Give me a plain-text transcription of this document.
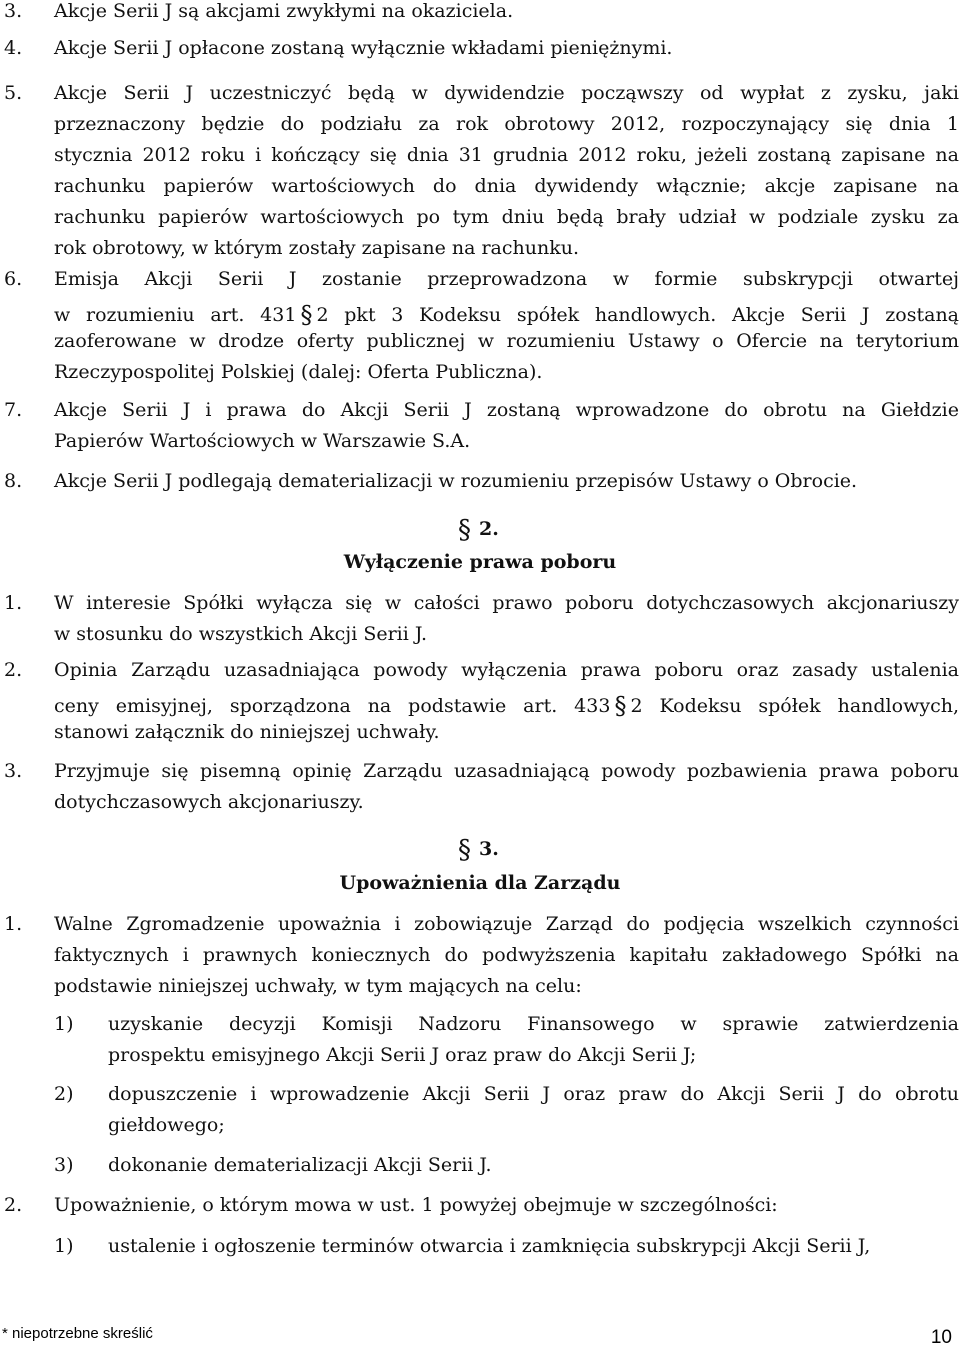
3. Akcje Serii J są akcjami zwykłymi na okaziciela.
4. Akcje Serii J opłacone zostaną wyłącznie wkładami pieniężnymi.
5. Akcje Serii J uczestniczyć będą w dywidendzie począwszy od wypłat z zysku, jaki
przeznaczony będzie do podziału za rok obrotowy 2012, rozpoczynający się dnia 1
stycznia 2012 roku i kończący się dnia 31 grudnia 2012 roku, jeżeli zostaną zapisane na
rachunku papierów wartościowych do dnia dywidendy włącznie; akcje zapisane na
rachunku papierów wartościowych po tym dniu będą brały udział w podziale zysku za
rok obrotowy, w którym zostały zapisane na rachunku.
6. Emisja Akcji Serii J zostanie przeprowadzona w formie subskrypcji otwartej
w rozumieniu art. 431 § 2 pkt 3 Kodeksu spółek handlowych. Akcje Serii J zostaną
zaoferowane w drodze oferty publicznej w rozumieniu Ustawy o Ofercie na terytorium
Rzeczypospolitej Polskiej (dalej: Oferta Publiczna).
7. Akcje Serii J i prawa do Akcji Serii J zostaną wprowadzone do obrotu na Giełdzie
Papierów Wartościowych w Warszawie S.A.
8. Akcje Serii J podlegają dematerializacji w rozumieniu przepisów Ustawy o Obrocie.
§ 2.
Wyłączenie prawa poboru
1. W interesie Spółki wyłącza się w całości prawo poboru dotychczasowych akcjonariuszy
w stosunku do wszystkich Akcji Serii J.
2. Opinia Zarządu uzasadniająca powody wyłączenia prawa poboru oraz zasady ustalenia
ceny emisyjnej, sporządzona na podstawie art. 433 § 2 Kodeksu spółek handlowych,
stanowi załącznik do niniejszej uchwały.
3. Przyjmuje się pisemną opinię Zarządu uzasadniającą powody pozbawienia prawa poboru
dotychczasowych akcjonariuszy.
§ 3.
Upoważnienia dla Zarządu
1. Walne Zgromadzenie upoważnia i zobowiązuje Zarząd do podjęcia wszelkich czynności
faktycznych i prawnych koniecznych do podwyższenia kapitału zakładowego Spółki na
podstawie niniejszej uchwały, w tym mających na celu:
1) uzyskanie decyzji Komisji Nadzoru Finansowego w sprawie zatwierdzenia
prospektu emisyjnego Akcji Serii J oraz praw do Akcji Serii J;
2) dopuszczenie i wprowadzenie Akcji Serii J oraz praw do Akcji Serii J do obrotu
giełdowego;
3) dokonanie dematerializacji Akcji Serii J.
2. Upoważnienie, o którym mowa w ust. 1 powyżej obejmuje w szczególności:
1) ustalenie i ogłoszenie terminów otwarcia i zamknięcia subskrypcji Akcji Serii J,
* niepotrzebne skreślić	10
